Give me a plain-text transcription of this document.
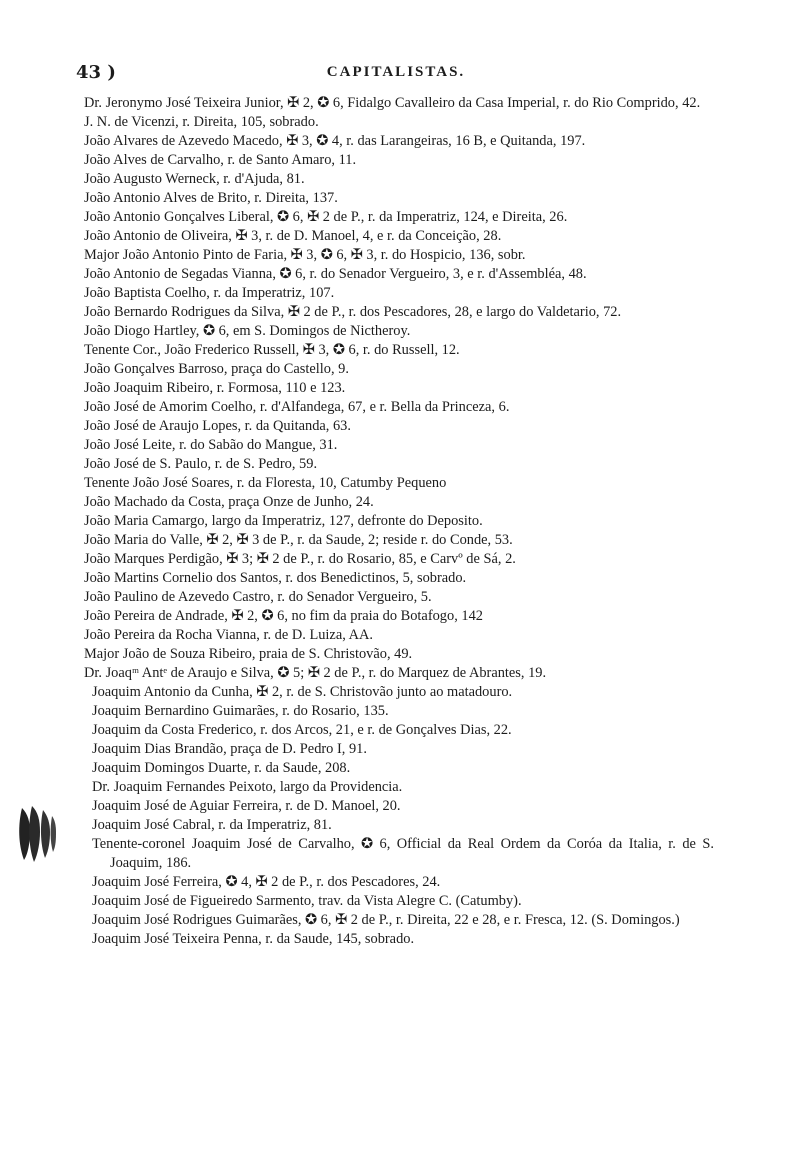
43 )	CAPITALISTAS.

Dr. Jeronymo José Teixeira Junior, ✠ 2, ✪ 6, Fidalgo Cavalleiro da Casa Imperial, r. do Rio Comprido, 42.

J. N. de Vicenzi, r. Direita, 105, sobrado.

João Alvares de Azevedo Macedo, ✠ 3, ✪ 4, r. das Larangeiras, 16 B, e Quitanda, 197.

João Alves de Carvalho, r. de Santo Amaro, 11.

João Augusto Werneck, r. d'Ajuda, 81.

João Antonio Alves de Brito, r. Direita, 137.

João Antonio Gonçalves Liberal, ✪ 6, ✠ 2 de P., r. da Imperatriz, 124, e Direita, 26.

João Antonio de Oliveira, ✠ 3, r. de D. Manoel, 4, e r. da Conceição, 28.

Major João Antonio Pinto de Faria, ✠ 3, ✪ 6, ✠ 3, r. do Hospicio, 136, sobr.

João Antonio de Segadas Vianna, ✪ 6, r. do Senador Vergueiro, 3, e r. d'Assembléa, 48.

João Baptista Coelho, r. da Imperatriz, 107.

João Bernardo Rodrigues da Silva, ✠ 2 de P., r. dos Pescadores, 28, e largo do Valdetario, 72.

João Diogo Hartley, ✪ 6, em S. Domingos de Nictheroy.

Tenente Cor., João Frederico Russell, ✠ 3, ✪ 6, r. do Russell, 12.

João Gonçalves Barroso, praça do Castello, 9.

João Joaquim Ribeiro, r. Formosa, 110 e 123.

João José de Amorim Coelho, r. d'Alfandega, 67, e r. Bella da Princeza, 6.

João José de Araujo Lopes, r. da Quitanda, 63.

João José Leite, r. do Sabão do Mangue, 31.

João José de S. Paulo, r. de S. Pedro, 59.

Tenente João José Soares, r. da Floresta, 10, Catumby Pequeno

João Machado da Costa, praça Onze de Junho, 24.

João Maria Camargo, largo da Imperatriz, 127, defronte do Deposito.

João Maria do Valle, ✠ 2, ✠ 3 de P., r. da Saude, 2; reside r. do Conde, 53.

João Marques Perdigão, ✠ 3; ✠ 2 de P., r. do Rosario, 85, e Carvº de Sá, 2.

João Martins Cornelio dos Santos, r. dos Benedictinos, 5, sobrado.

João Paulino de Azevedo Castro, r. do Senador Vergueiro, 5.

João Pereira de Andrade, ✠ 2, ✪ 6, no fim da praia do Botafogo, 142

João Pereira da Rocha Vianna, r. de D. Luiza, AA.

Major João de Souza Ribeiro, praia de S. Christovão, 49.

Dr. Joaqᵐ Antᵉ de Araujo e Silva, ✪ 5; ✠ 2 de P., r. do Marquez de Abrantes, 19.

Joaquim Antonio da Cunha, ✠ 2, r. de S. Christovão junto ao matadouro.

Joaquim Bernardino Guimarães, r. do Rosario, 135.

Joaquim da Costa Frederico, r. dos Arcos, 21, e r. de Gonçalves Dias, 22.

Joaquim Dias Brandão, praça de D. Pedro I, 91.

Joaquim Domingos Duarte, r. da Saude, 208.

Dr. Joaquim Fernandes Peixoto, largo da Providencia.

Joaquim José de Aguiar Ferreira, r. de D. Manoel, 20.

Joaquim José Cabral, r. da Imperatriz, 81.

Tenente-coronel Joaquim José de Carvalho, ✪ 6, Official da Real Ordem da Coróa da Italia, r. de S. Joaquim, 186.

Joaquim José Ferreira, ✪ 4, ✠ 2 de P., r. dos Pescadores, 24.

Joaquim José de Figueiredo Sarmento, trav. da Vista Alegre C. (Catumby).

Joaquim José Rodrigues Guimarães, ✪ 6, ✠ 2 de P., r. Direita, 22 e 28, e r. Fresca, 12. (S. Domingos.)

Joaquim José Teixeira Penna, r. da Saude, 145, sobrado.
